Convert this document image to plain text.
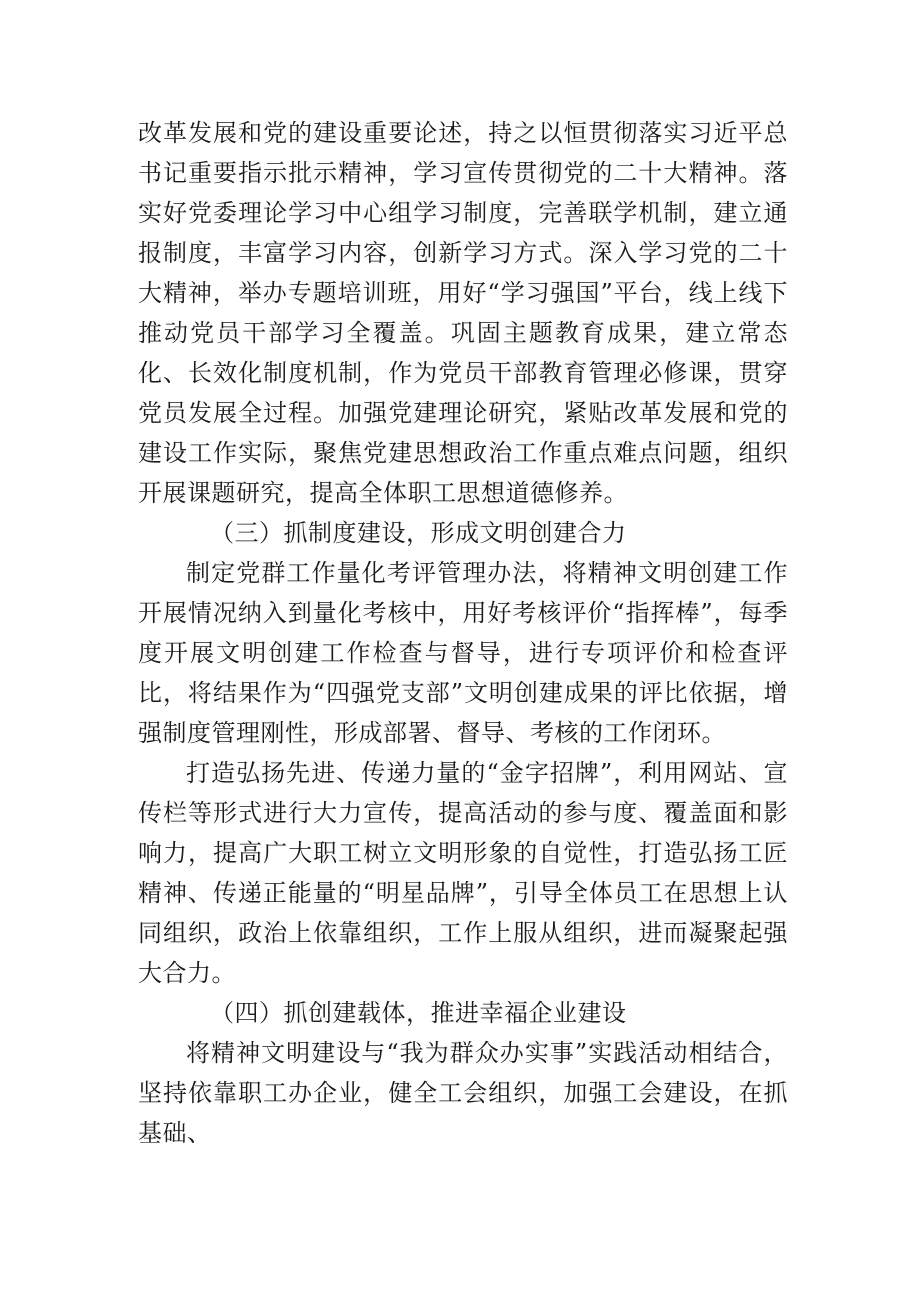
改革发展和党的建设重要论述，持之以恒贯彻落实习近平总书记重要指示批示精神，学习宣传贯彻党的二十大精神。落实好党委理论学习中心组学习制度，完善联学机制，建立通报制度，丰富学习内容，创新学习方式。深入学习党的二十大精神，举办专题培训班，用好“学习强国”平台，线上线下推动党员干部学习全覆盖。巩固主题教育成果，建立常态化、长效化制度机制，作为党员干部教育管理必修课，贯穿党员发展全过程。加强党建理论研究，紧贴改革发展和党的建设工作实际，聚焦党建思想政治工作重点难点问题，组织开展课题研究，提高全体职工思想道德修养。

（三）抓制度建设，形成文明创建合力

制定党群工作量化考评管理办法，将精神文明创建工作开展情况纳入到量化考核中，用好考核评价“指挥棒”，每季度开展文明创建工作检查与督导，进行专项评价和检查评比，将结果作为“四强党支部”文明创建成果的评比依据，增强制度管理刚性，形成部署、督导、考核的工作闭环。

打造弘扬先进、传递力量的“金字招牌”，利用网站、宣传栏等形式进行大力宣传，提高活动的参与度、覆盖面和影响力，提高广大职工树立文明形象的自觉性，打造弘扬工匠精神、传递正能量的“明星品牌”，引导全体员工在思想上认同组织，政治上依靠组织，工作上服从组织，进而凝聚起强大合力。

（四）抓创建载体，推进幸福企业建设

将精神文明建设与“我为群众办实事”实践活动相结合，坚持依靠职工办企业，健全工会组织，加强工会建设，在抓基础、
